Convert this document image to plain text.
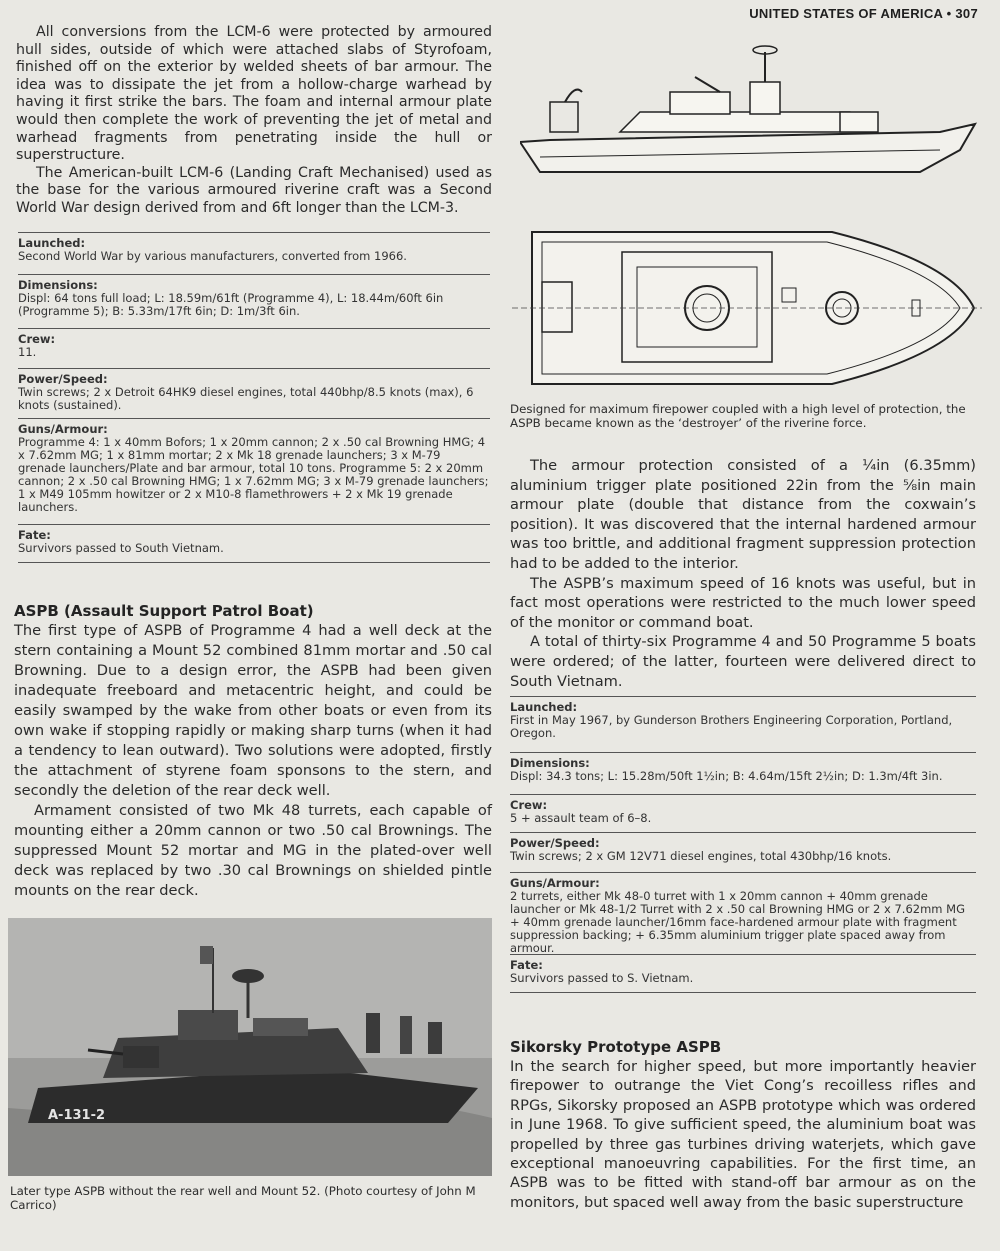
UNITED STATES OF AMERICA • 307

All conversions from the LCM-6 were protected by armoured hull sides, outside of which were attached slabs of Styrofoam, finished off on the exterior by welded sheets of bar armour. The idea was to dissipate the jet from a hollow-charge warhead by having it first strike the bars. The foam and internal armour plate would then complete the work of preventing the jet of metal and warhead fragments from penetrating inside the hull or superstructure.

The American-built LCM-6 (Landing Craft Mechanised) used as the base for the various armoured riverine craft was a Second World War design derived from and 6ft longer than the LCM-3.

Launched:
Second World War by various manufacturers, converted from 1966.
Dimensions:
Displ: 64 tons full load; L: 18.59m/61ft (Programme 4), L: 18.44m/60ft 6in (Programme 5); B: 5.33m/17ft 6in; D: 1m/3ft 6in.
Crew:
11.
Power/Speed:
Twin screws; 2 x Detroit 64HK9 diesel engines, total 440bhp/8.5 knots (max), 6 knots (sustained).
Guns/Armour:
Programme 4: 1 x 40mm Bofors; 1 x 20mm cannon; 2 x .50 cal Browning HMG; 4 x 7.62mm MG; 1 x 81mm mortar; 2 x Mk 18 grenade launchers; 3 x M-79 grenade launchers/Plate and bar armour, total 10 tons. Programme 5: 2 x 20mm cannon; 2 x .50 cal Browning HMG; 1 x 7.62mm MG; 3 x M-79 grenade launchers; 1 x M49 105mm howitzer or 2 x M10-8 flamethrowers + 2 x Mk 19 grenade launchers.
Fate:
Survivors passed to South Vietnam.
ASPB (Assault Support Patrol Boat)

The first type of ASPB of Programme 4 had a well deck at the stern containing a Mount 52 combined 81mm mortar and .50 cal Browning. Due to a design error, the ASPB had been given inadequate freeboard and metacentric height, and could be easily swamped by the wake from other boats or even from its own wake if stopping rapidly or making sharp turns (when it had a tendency to lean outward). Two solutions were adopted, firstly the attachment of styrene foam sponsons to the stern, and secondly the deletion of the rear deck well.

Armament consisted of two Mk 48 turrets, each capable of mounting either a 20mm cannon or two .50 cal Brownings. The suppressed Mount 52 mortar and MG in the plated-over well deck was replaced by two .30 cal Brownings on shielded pintle mounts on the rear deck.

A-131-2

Later type ASPB without the rear well and Mount 52. (Photo courtesy of John M Carrico)

Designed for maximum firepower coupled with a high level of protection, the ASPB became known as the ‘destroyer’ of the riverine force.

The armour protection consisted of a ¼in (6.35mm) aluminium trigger plate positioned 22in from the ⅝in main armour plate (double that distance from the coxwain’s position). It was discovered that the internal hardened armour was too brittle, and additional fragment suppression protection had to be added to the interior.

The ASPB’s maximum speed of 16 knots was useful, but in fact most operations were restricted to the much lower speed of the monitor or command boat.

A total of thirty-six Programme 4 and 50 Programme 5 boats were ordered; of the latter, fourteen were delivered direct to South Vietnam.

Launched:
First in May 1967, by Gunderson Brothers Engineering Corporation, Portland, Oregon.
Dimensions:
Displ: 34.3 tons; L: 15.28m/50ft 1½in; B: 4.64m/15ft 2½in; D: 1.3m/4ft 3in.
Crew:
5 + assault team of 6–8.
Power/Speed:
Twin screws; 2 x GM 12V71 diesel engines, total 430bhp/16 knots.
Guns/Armour:
2 turrets, either Mk 48-0 turret with 1 x 20mm cannon + 40mm grenade launcher or Mk 48-1/2 Turret with 2 x .50 cal Browning HMG or 2 x 7.62mm MG + 40mm grenade launcher/16mm face-hardened armour plate with fragment suppression backing; + 6.35mm aluminium trigger plate spaced away from armour.
Fate:
Survivors passed to S. Vietnam.
Sikorsky Prototype ASPB

In the search for higher speed, but more importantly heavier firepower to outrange the Viet Cong’s recoilless rifles and RPGs, Sikorsky proposed an ASPB prototype which was ordered in June 1968. To give sufficient speed, the aluminium boat was propelled by three gas turbines driving waterjets, which gave exceptional manoeuvring capabilities. For the first time, an ASPB was to be fitted with stand-off bar armour as on the monitors, but spaced well away from the basic superstructure
